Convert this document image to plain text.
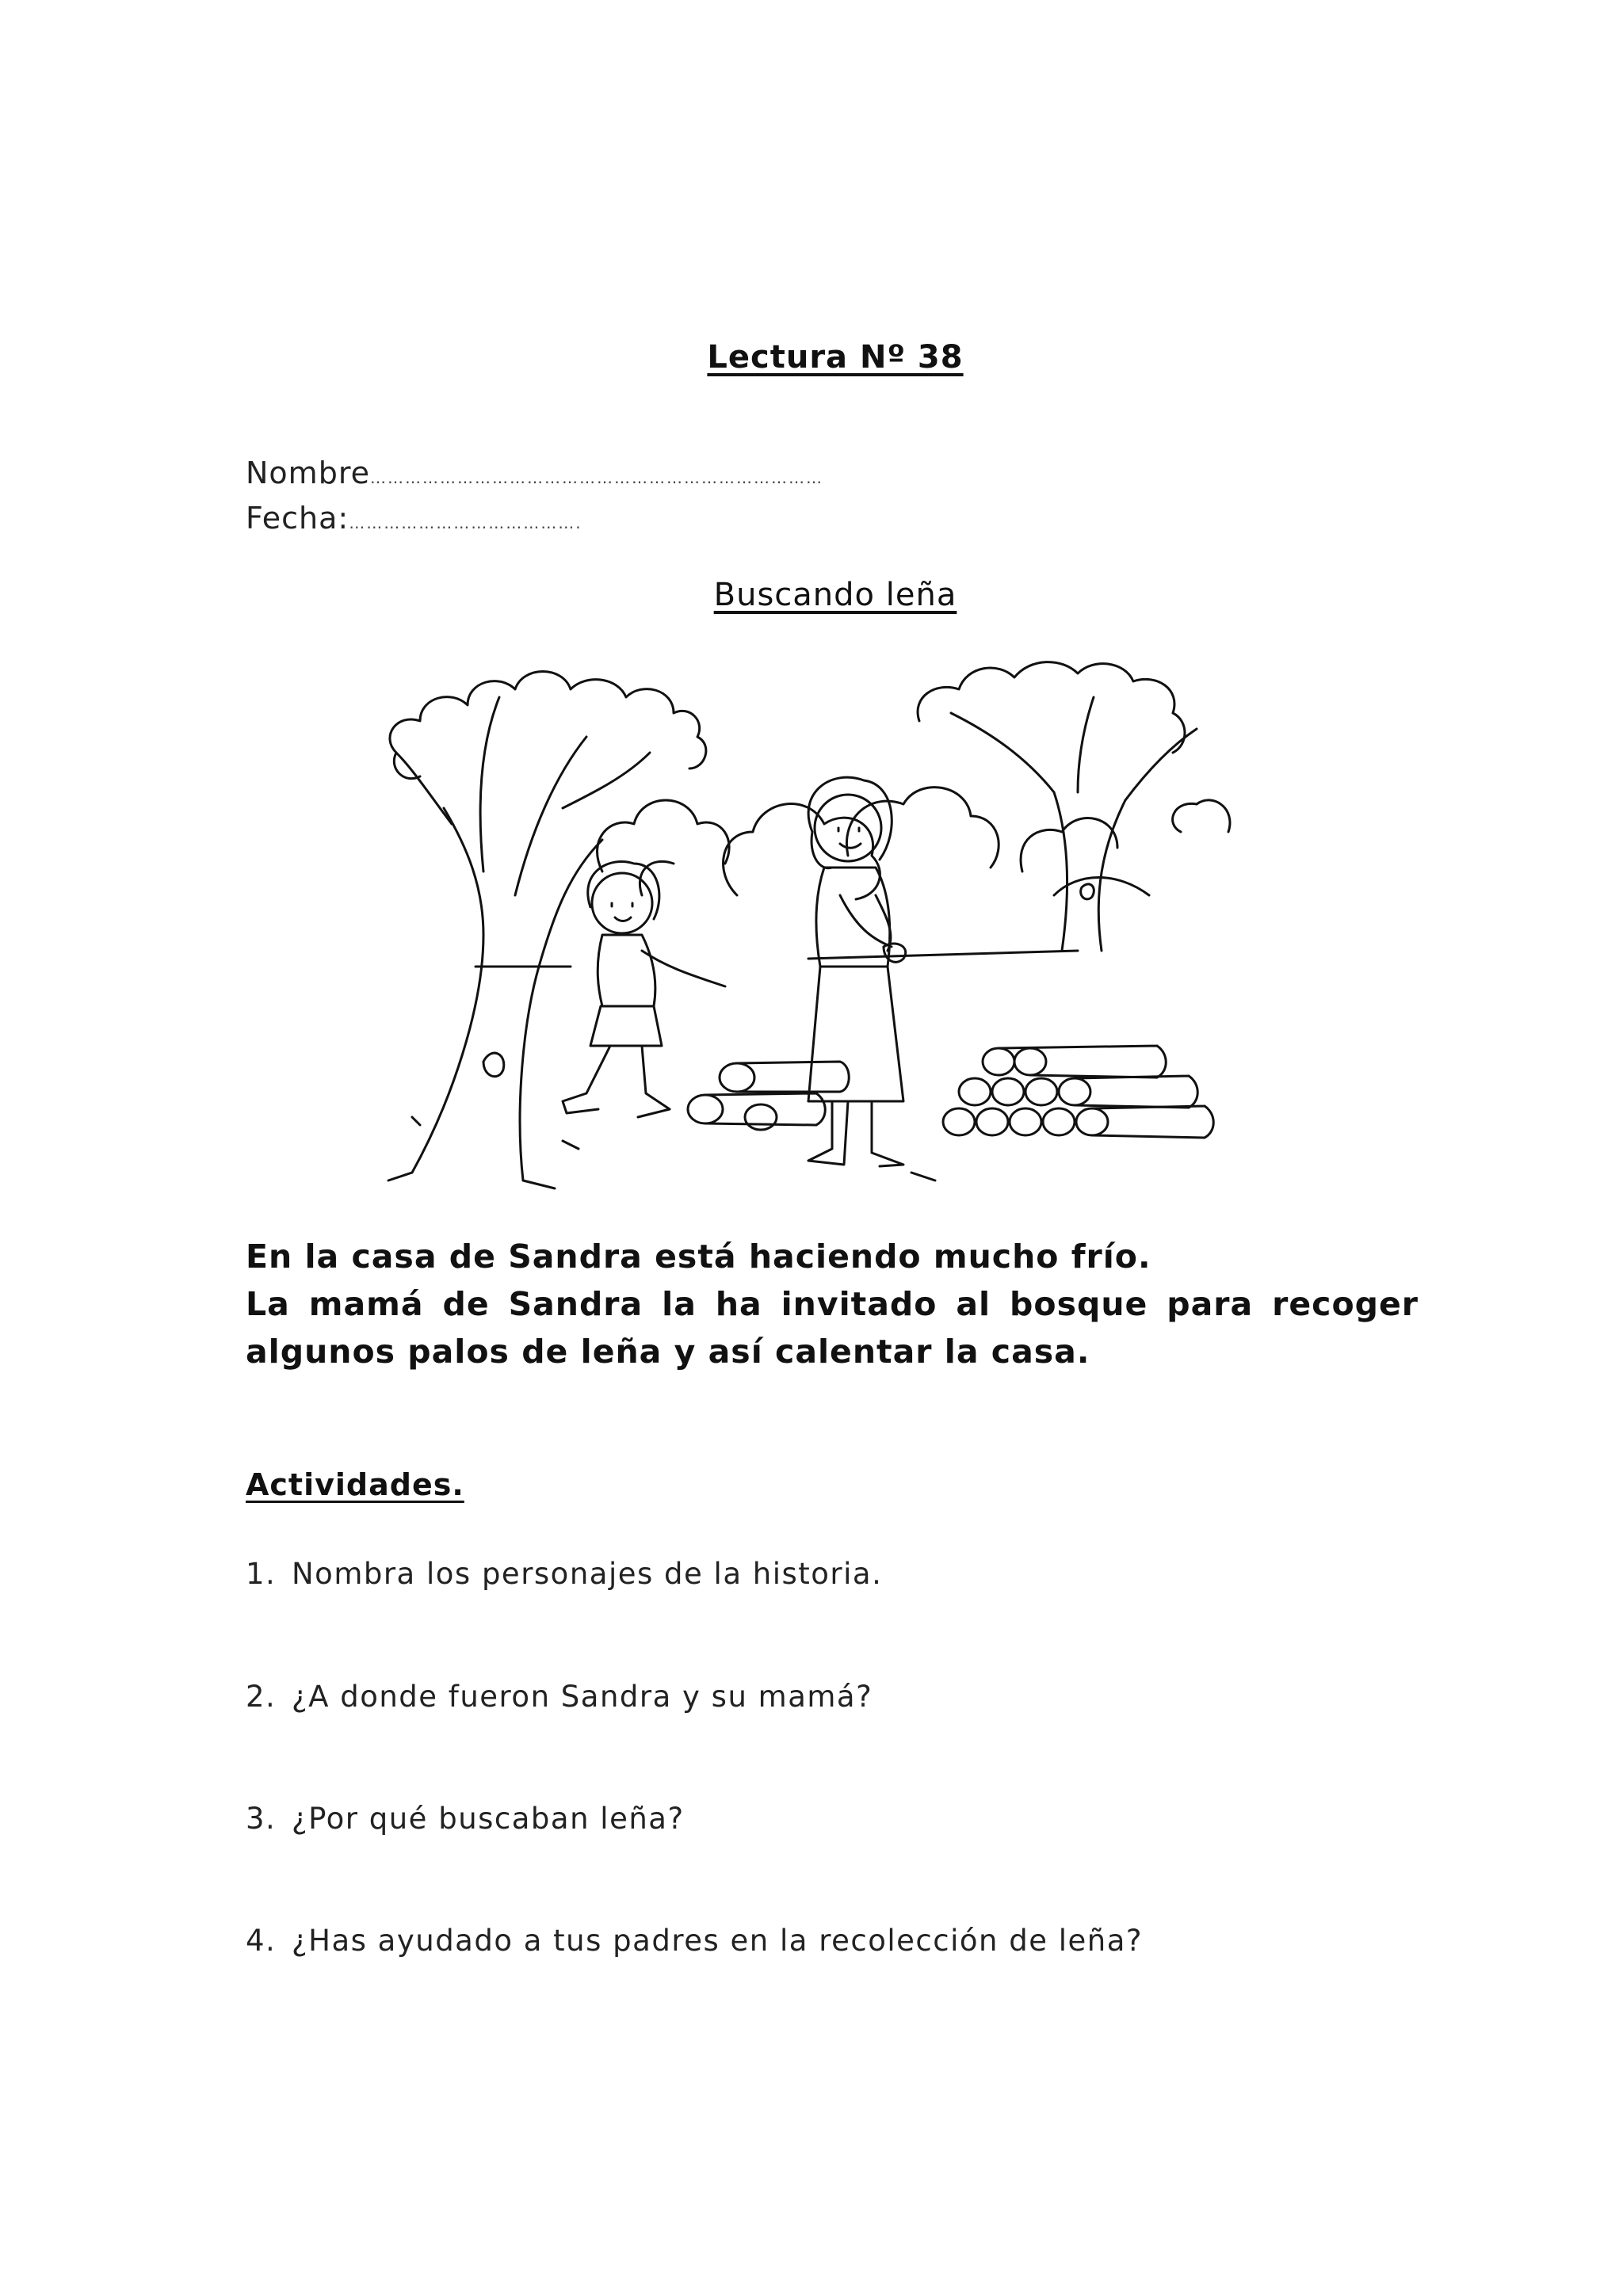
Lectura Nº 38
Nombre……………………………………………………………………
Fecha:………………………………….
Buscando leña

En la casa de Sandra está haciendo mucho frío.

La mamá de Sandra la ha invitado al bosque para recoger

algunos palos de leña y así calentar la casa.

Actividades.
1. Nombra los personajes de la historia.
2. ¿A donde fueron Sandra y su mamá?
3. ¿Por qué buscaban leña?
4. ¿Has ayudado a tus padres en la recolección de leña?
